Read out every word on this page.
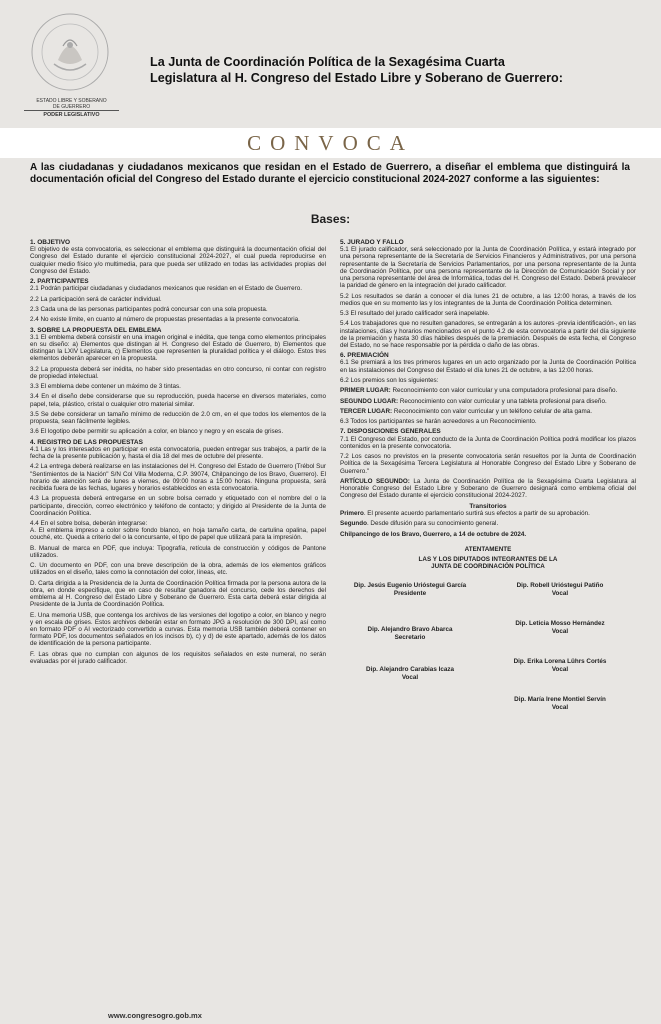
ESTADO LIBRE Y SOBERANO
DE GUERRERO
PODER LEGISLATIVO
La Junta de Coordinación Política de la Sexagésima Cuarta
Legislatura al H. Congreso del Estado Libre y Soberano de Guerrero:
CONVOCA
A las ciudadanas y ciudadanos mexicanos que residan en el Estado de Guerrero, a diseñar el emblema que distinguirá la documentación oficial del Congreso del Estado durante el ejercicio constitucional 2024-2027 conforme a las siguientes:
Bases:
1. OBJETIVO

El objetivo de esta convocatoria, es seleccionar el emblema que distinguirá la documentación oficial del Congreso del Estado durante el ejercicio constitucional 2024-2027, el cual pueda reproducirse en cualquier medio físico y/o multimedia, para que pueda ser utilizado en todas las actividades propias del Congreso del Estado.

2. PARTICIPANTES

2.1 Podrán participar ciudadanas y ciudadanos mexicanos que residan en el Estado de Guerrero.

2.2 La participación será de carácter individual.

2.3 Cada una de las personas participantes podrá concursar con una sola propuesta.

2.4 No existe límite, en cuanto al número de propuestas presentadas a la presente convocatoria.

3. SOBRE LA PROPUESTA DEL EMBLEMA

3.1 El emblema deberá consistir en una imagen original e inédita, que tenga como elementos principales en su diseño: a) Elementos que distingan al H. Congreso del Estado de Guerrero, b) Elementos que distingan la LXIV Legislatura, c) Elementos que representen la pluralidad política y el diálogo. Estos tres elementos deberán aparecer en la propuesta.

3.2 La propuesta deberá ser inédita, no haber sido presentadas en otro concurso, ni contar con registro de propiedad intelectual.

3.3 El emblema debe contener un máximo de 3 tintas.

3.4 En el diseño debe considerarse que su reproducción, pueda hacerse en diversos materiales, como papel, tela, plástico, cristal o cualquier otro material similar.

3.5 Se debe considerar un tamaño mínimo de reducción de 2.0 cm, en el que todos los elementos de la propuesta, sean fácilmente legibles.

3.6 El logotipo debe permitir su aplicación a color, en blanco y negro y en escala de grises.

4. REGISTRO DE LAS PROPUESTAS

4.1 Las y los interesados en participar en esta convocatoria, pueden entregar sus trabajos, a partir de la fecha de la presente publicación y, hasta el día 18 del mes de octubre del presente.

4.2 La entrega deberá realizarse en las instalaciones del H. Congreso del Estado de Guerrero (Trébol Sur "Sentimientos de la Nación" S/N Col Villa Moderna, C.P. 39074, Chilpancingo de los Bravo, Guerrero). El horario de atención será de lunes a viernes, de 09:00 horas a 15:00 horas. Ninguna propuesta, será recibida fuera de las fechas, lugares y horarios establecidos en esta convocatoria.

4.3 La propuesta deberá entregarse en un sobre bolsa cerrado y etiquetado con el nombre del o la participante, dirección, correo electrónico y teléfono de contacto; y dirigido al Presidente de la Junta de Coordinación Política.

4.4 En el sobre bolsa, deberán integrarse:

A. El emblema impreso a color sobre fondo blanco, en hoja tamaño carta, de cartulina opalina, papel couché, etc. Queda a criterio del o la concursante, el tipo de papel que utilizará para la impresión.

B. Manual de marca en PDF, que incluya: Tipografía, retícula de construcción y códigos de Pantone utilizados.

C. Un documento en PDF, con una breve descripción de la obra, además de los elementos gráficos utilizados en el diseño, tales como la connotación del color, líneas, etc.

D. Carta dirigida a la Presidencia de la Junta de Coordinación Política firmada por la persona autora de la obra, en donde especifique, que en caso de resultar ganadora del concurso, cede los derechos del emblema al H. Congreso del Estado Libre y Soberano de Guerrero. Esta carta deberá estar dirigida al Presidente de la Junta de Coordinación Política.

E. Una memoria USB, que contenga los archivos de las versiones del logotipo a color, en blanco y negro y en escala de grises. Estos archivos deberán estar en formato JPG a resolución de 300 DPI, así como en formato PDF o AI vectorizado convertido a curvas. Esta memoria USB también deberá contener en formato PDF, los documentos señalados en los incisos b), c) y d) de este apartado, además de los datos de identificación de la persona participante.

F. Las obras que no cumplan con algunos de los requisitos señalados en este numeral, no serán evaluadas por el jurado calificador.

5. JURADO Y FALLO

5.1 El jurado calificador, será seleccionado por la Junta de Coordinación Política, y estará integrado por una persona representante de la Secretaría de Servicios Financieros y Administrativos, por una persona representante de la Secretaría de Servicios Parlamentarios, por una persona representante de la Junta de Coordinación Política, por una persona representante de la Dirección de Comunicación Social y por una persona representante del área de Informática, todas del H. Congreso del Estado. Deberá prevalecer la paridad de género en la integración del jurado calificador.

5.2 Los resultados se darán a conocer el día lunes 21 de octubre, a las 12:00 horas, a través de los medios que en su momento las y los integrantes de la Junta de Coordinación Política determinen.

5.3 El resultado del jurado calificador será inapelable.

5.4 Los trabajadores que no resulten ganadores, se entregarán a los autores -previa identificación-, en las instalaciones, días y horarios mencionados en el punto 4.2 de esta convocatoria a partir del día siguiente de la premiación y hasta 30 días hábiles después de la premiación. Después de esta fecha, el Congreso del Estado, no se hace responsable por la pérdida o daño de las obras.

6. PREMIACIÓN

6.1 Se premiará a los tres primeros lugares en un acto organizado por la Junta de Coordinación Política en las instalaciones del Congreso del Estado el día lunes 21 de octubre, a las 12:00 horas.

6.2 Los premios son los siguientes:

PRIMER LUGAR: Reconocimiento con valor curricular y una computadora profesional para diseño.

SEGUNDO LUGAR: Reconocimiento con valor curricular y una tableta profesional para diseño.

TERCER LUGAR: Reconocimiento con valor curricular y un teléfono celular de alta gama.

6.3 Todos los participantes se harán acreedores a un Reconocimiento.

7. DISPOSICIONES GENERALES

7.1 El Congreso del Estado, por conducto de la Junta de Coordinación Política podrá modificar los plazos contenidos en la presente convocatoria.

7.2 Los casos no previstos en la presente convocatoria serán resueltos por la Junta de Coordinación Política de la Sexagésima Tercera Legislatura al Honorable Congreso del Estado Libre y Soberano de Guerrero."

ARTÍCULO SEGUNDO: La Junta de Coordinación Política de la Sexagésima Cuarta Legislatura al Honorable Congreso del Estado Libre y Soberano de Guerrero designará como emblema oficial del Congreso del Estado durante el ejercicio constitucional 2024-2027.

Transitorios

Primero. El presente acuerdo parlamentario surtirá sus efectos a partir de su aprobación.

Segundo. Desde difusión para su conocimiento general.

Chilpancingo de los Bravo, Guerrero, a 14 de octubre de 2024.

ATENTAMENTE
LAS Y LOS DIPUTADOS INTEGRANTES DE LA
JUNTA DE COORDINACIÓN POLÍTICA
Dip. Jesús Eugenio Urióstegui García
Presidente
Dip. Robell Urióstegui Patiño
Vocal
Dip. Alejandro Bravo Abarca
Secretario
Dip. Leticia Mosso Hernández
Vocal
Dip. Alejandro Carabias Icaza
Vocal
Dip. Erika Lorena Lührs Cortés
Vocal
Dip. María Irene Montiel Servín
Vocal
www.congresogro.gob.mx
